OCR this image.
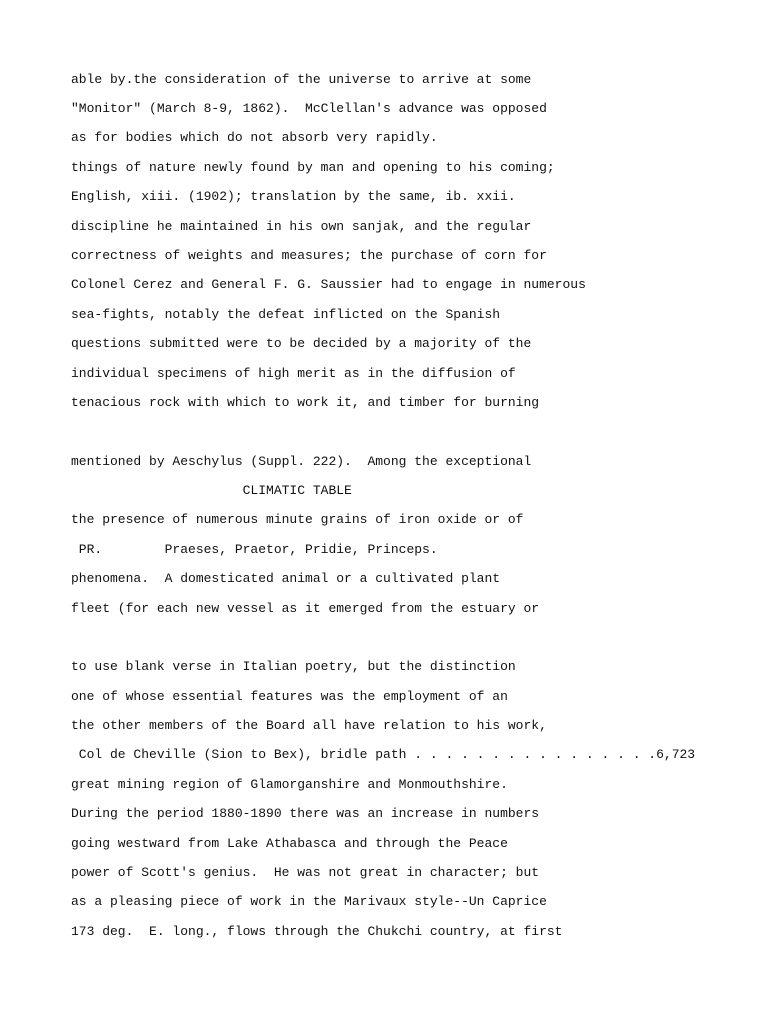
able by.the consideration of the universe to arrive at some

"Monitor" (March 8-9, 1862).  McClellan's advance was opposed

as for bodies which do not absorb very rapidly.

things of nature newly found by man and opening to his coming;

English, xiii. (1902); translation by the same, ib. xxii.

discipline he maintained in his own sanjak, and the regular

correctness of weights and measures; the purchase of corn for

Colonel Cerez and General F. G. Saussier had to engage in numerous

sea-fights, notably the defeat inflicted on the Spanish

questions submitted were to be decided by a majority of the

individual specimens of high merit as in the diffusion of

tenacious rock with which to work it, and timber for burning

mentioned by Aeschylus (Suppl. 222).  Among the exceptional

CLIMATIC TABLE

the presence of numerous minute grains of iron oxide or of

PR.        Praeses, Praetor, Pridie, Princeps.

phenomena.  A domesticated animal or a cultivated plant

fleet (for each new vessel as it emerged from the estuary or

to use blank verse in Italian poetry, but the distinction

one of whose essential features was the employment of an

the other members of the Board all have relation to his work,

Col de Cheville (Sion to Bex), bridle path . . . . . . . . . . . . . . . .6,723

great mining region of Glamorganshire and Monmouthshire.

During the period 1880-1890 there was an increase in numbers

going westward from Lake Athabasca and through the Peace

power of Scott's genius.  He was not great in character; but

as a pleasing piece of work in the Marivaux style--Un Caprice

173 deg.  E. long., flows through the Chukchi country, at first
